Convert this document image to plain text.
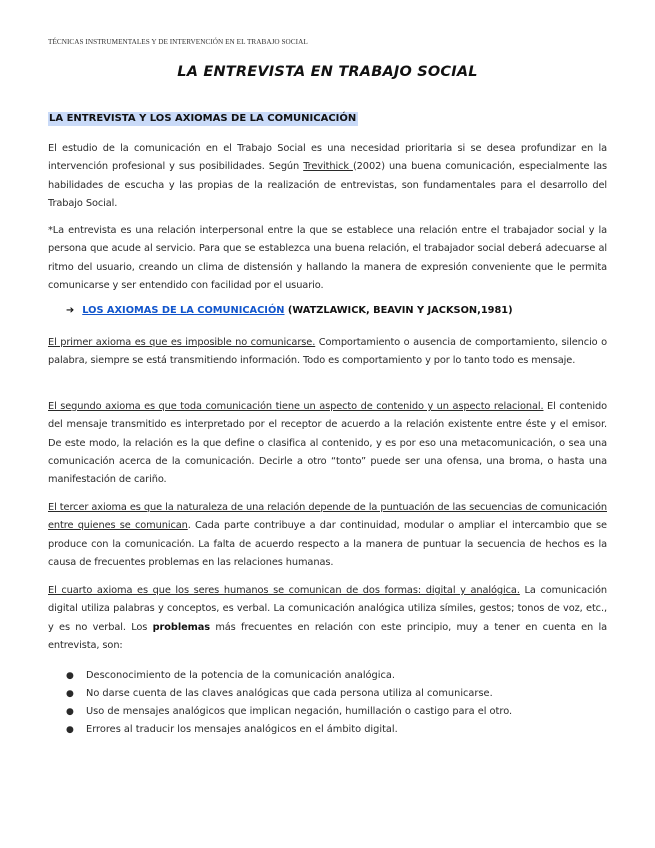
TÉCNICAS INSTRUMENTALES Y DE INTERVENCIÓN EN EL TRABAJO SOCIAL
LA ENTREVISTA EN TRABAJO SOCIAL
LA ENTREVISTA Y LOS AXIOMAS DE LA COMUNICACIÓN

El estudio de la comunicación en el Trabajo Social es una necesidad prioritaria si se desea profundizar en la intervención profesional y sus posibilidades. Según Trevithick (2002) una buena comunicación, especialmente las habilidades de escucha y las propias de la realización de entrevistas, son fundamentales para el desarrollo del Trabajo Social.

*La entrevista es una relación interpersonal entre la que se establece una relación entre el trabajador social y la persona que acude al servicio. Para que se establezca una buena relación, el trabajador social deberá adecuarse al ritmo del usuario, creando un clima de distensión y hallando la manera de expresión conveniente que le permita comunicarse y ser entendido con facilidad por el usuario.

➔ LOS AXIOMAS DE LA COMUNICACIÓN (WATZLAWICK, BEAVIN Y JACKSON,1981)

El primer axioma es que es imposible no comunicarse. Comportamiento o ausencia de comportamiento, silencio o palabra, siempre se está transmitiendo información. Todo es comportamiento y por lo tanto todo es mensaje.

El segundo axioma es que toda comunicación tiene un aspecto de contenido y un aspecto relacional. El contenido del mensaje transmitido es interpretado por el receptor de acuerdo a la relación existente entre éste y el emisor. De este modo, la relación es la que define o clasifica al contenido, y es por eso una metacomunicación, o sea una comunicación acerca de la comunicación. Decirle a otro “tonto” puede ser una ofensa, una broma, o hasta una manifestación de cariño.

El tercer axioma es que la naturaleza de una relación depende de la puntuación de las secuencias de comunicación entre quienes se comunican. Cada parte contribuye a dar continuidad, modular o ampliar el intercambio que se produce con la comunicación. La falta de acuerdo respecto a la manera de puntuar la secuencia de hechos es la causa de frecuentes problemas en las relaciones humanas.

El cuarto axioma es que los seres humanos se comunican de dos formas: digital y analógica. La comunicación digital utiliza palabras y conceptos, es verbal. La comunicación analógica utiliza símiles, gestos; tonos de voz, etc., y es no verbal. Los problemas más frecuentes en relación con este principio, muy a tener en cuenta en la entrevista, son:

● Desconocimiento de la potencia de la comunicación analógica.
● No darse cuenta de las claves analógicas que cada persona utiliza al comunicarse.
● Uso de mensajes analógicos que implican negación, humillación o castigo para el otro.
● Errores al traducir los mensajes analógicos en el ámbito digital.
